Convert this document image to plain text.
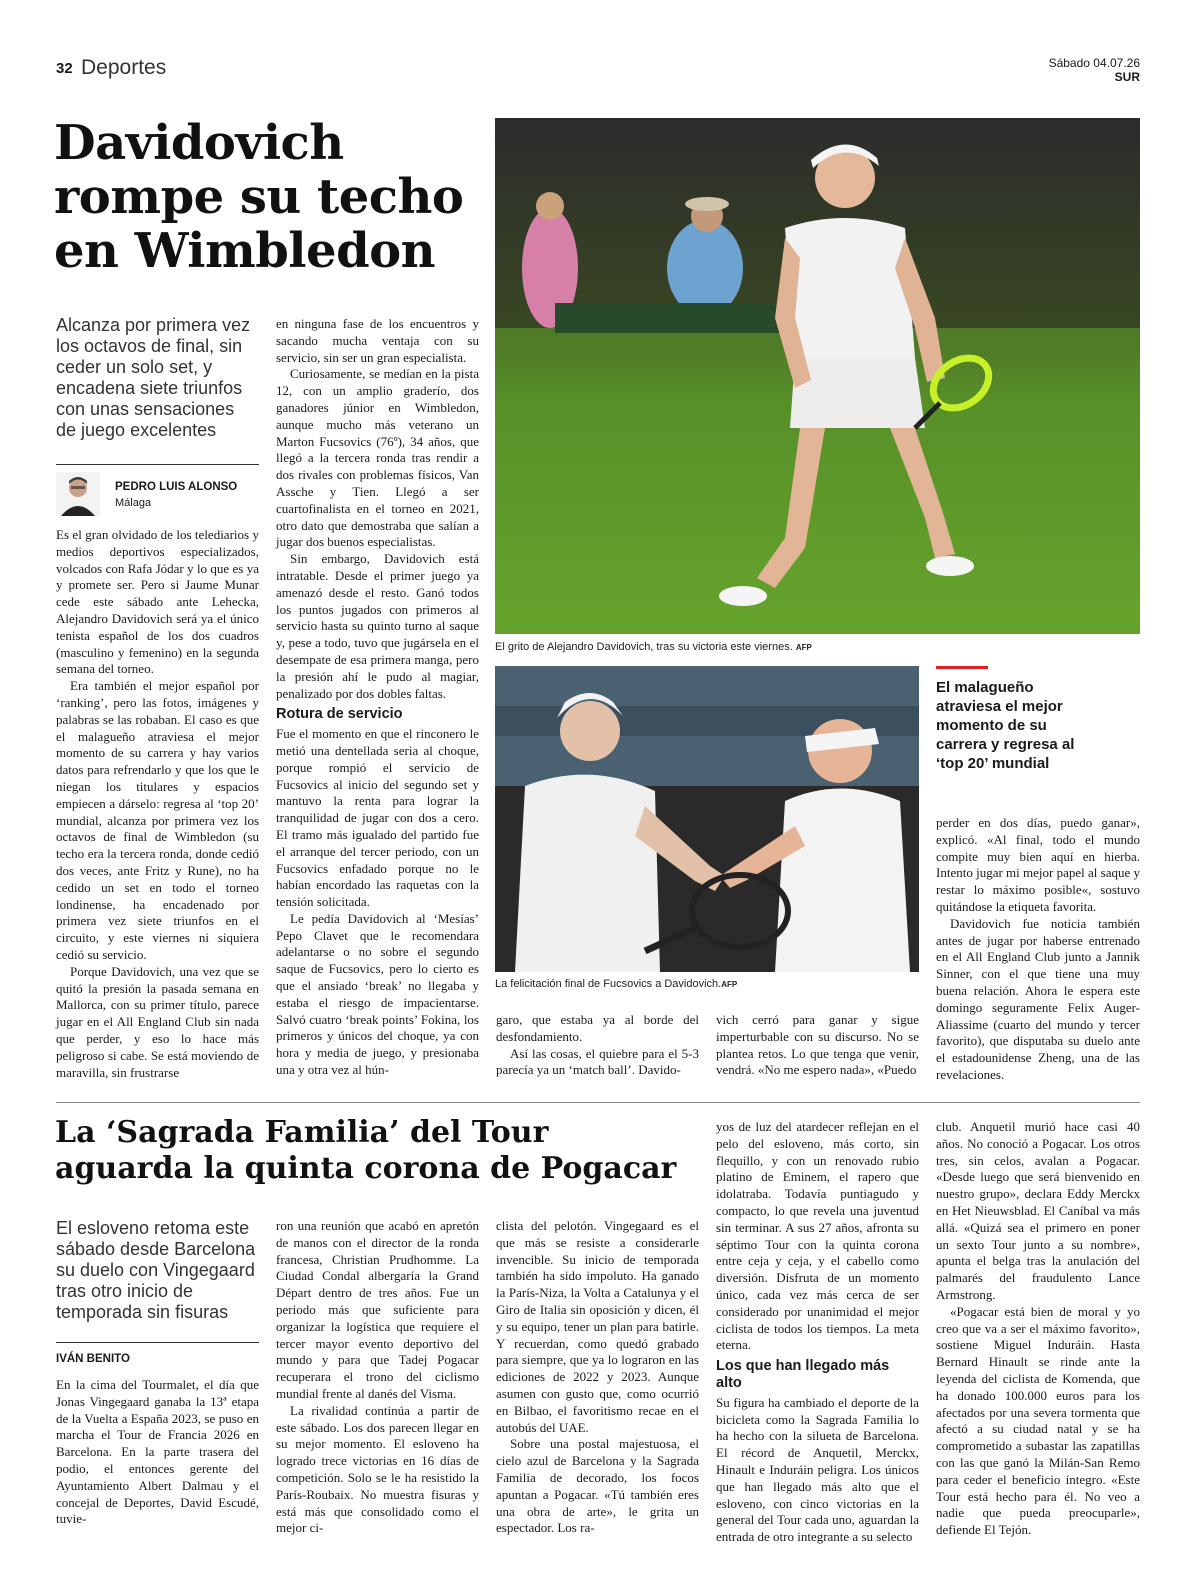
32 Deportes	Sábado 04.07.26
SUR
Davidovich
rompe su techo
en Wimbledon
El grito de Alejandro Davidovich, tras su victoria este viernes. AFP
Alcanza por primera vez los octavos de final, sin ceder un solo set, y encadena siete triunfos con unas sensaciones de juego excelentes
PEDRO LUIS ALONSO
Málaga

Es el gran olvidado de los telediarios y medios deportivos especializados, volcados con Rafa Jódar y lo que es ya y promete ser. Pero si Jaume Munar cede este sábado ante Lehecka, Alejandro Davidovich será ya el único tenista español de los dos cuadros (masculino y femenino) en la segunda semana del torneo.

Era también el mejor español por ‘ranking’, pero las fotos, imágenes y palabras se las robaban. El caso es que el malagueño atraviesa el mejor momento de su carrera y hay varios datos para refrendarlo y que los que le niegan los titulares y espacios empiecen a dárselo: regresa al ‘top 20’ mundial, alcanza por primera vez los octavos de final de Wimbledon (su techo era la tercera ronda, donde cedió dos veces, ante Fritz y Rune), no ha cedido un set en todo el torneo londinense, ha encadenado por primera vez siete triunfos en el circuito, y este viernes ni siquiera cedió su servicio.

Porque Davidovich, una vez que se quitó la presión la pasada semana en Mallorca, con su primer título, parece jugar en el All England Club sin nada que perder, y eso lo hace más peligroso si cabe. Se está moviendo de maravilla, sin frustrarse

en ninguna fase de los encuentros y sacando mucha ventaja con su servicio, sin ser un gran especialista.

Curiosamente, se medían en la pista 12, con un amplio graderío, dos ganadores júnior en Wimbledon, aunque mucho más veterano un Marton Fucsovics (76º), 34 años, que llegó a la tercera ronda tras rendir a dos rivales con problemas físicos, Van Assche y Tien. Llegó a ser cuartofinalista en el torneo en 2021, otro dato que demostraba que salían a jugar dos buenos especialistas.

Sin embargo, Davidovich está intratable. Desde el primer juego ya amenazó desde el resto. Ganó todos los puntos jugados con primeros al servicio hasta su quinto turno al saque y, pese a todo, tuvo que jugársela en el desempate de esa primera manga, pero la presión ahí le pudo al magiar, penalizado por dos dobles faltas.

Rotura de servicio

Fue el momento en que el rinconero le metió una dentellada seria al choque, porque rompió el servicio de Fucsovics al inicio del segundo set y mantuvo la renta para lograr la tranquilidad de jugar con dos a cero. El tramo más igualado del partido fue el arranque del tercer periodo, con un Fucsovics enfadado porque no le habían encordado las raquetas con la tensión solicitada.

Le pedía Davidovich al ‘Mesías’ Pepo Clavet que le recomendara adelantarse o no sobre el segundo saque de Fucsovics, pero lo cierto es que el ansiado ‘break’ no llegaba y estaba el riesgo de impacientarse. Salvó cuatro ‘break points’ Fokina, los primeros y únicos del choque, ya con hora y media de juego, y presionaba una y otra vez al hún-

La felicitación final de Fucsovics a Davidovich.AFP
El malagueño atraviesa el mejor momento de su carrera y regresa al ‘top 20’ mundial

garo, que estaba ya al borde del desfondamiento.

Así las cosas, el quiebre para el 5-3 parecía ya un ‘match ball’. Davido-

vich cerró para ganar y sigue imperturbable con su discurso. No se plantea retos. Lo que tenga que venir, vendrá. «No me espero nada», «Puedo

perder en dos días, puedo ganar», explicó. «Al final, todo el mundo compite muy bien aquí en hierba. Intento jugar mi mejor papel al saque y restar lo máximo posible«, sostuvo quitándose la etiqueta favorita.

Davidovich fue noticia también antes de jugar por haberse entrenado en el All England Club junto a Jannik Sinner, con el que tiene una muy buena relación. Ahora le espera este domingo seguramente Felix Auger-Aliassime (cuarto del mundo y tercer favorito), que disputaba su duelo ante el estadounidense Zheng, una de las revelaciones.

La ‘Sagrada Familia’ del Tour
aguarda la quinta corona de Pogacar
El esloveno retoma este sábado desde Barcelona su duelo con Vingegaard tras otro inicio de temporada sin fisuras
IVÁN BENITO

En la cima del Tourmalet, el día que Jonas Vingegaard ganaba la 13ª etapa de la Vuelta a España 2023, se puso en marcha el Tour de Francia 2026 en Barcelona. En la parte trasera del podio, el entonces gerente del Ayuntamiento Albert Dalmau y el concejal de Deportes, David Escudé, tuvie-

ron una reunión que acabó en apretón de manos con el director de la ronda francesa, Christian Prudhomme. La Ciudad Condal albergaría la Grand Départ dentro de tres años. Fue un periodo más que suficiente para organizar la logística que requiere el tercer mayor evento deportivo del mundo y para que Tadej Pogacar recuperara el trono del ciclismo mundial frente al danés del Visma.

La rivalidad continúa a partir de este sábado. Los dos parecen llegar en su mejor momento. El esloveno ha logrado trece victorias en 16 días de competición. Solo se le ha resistido la París-Roubaix. No muestra fisuras y está más que consolidado como el mejor ci-

clista del pelotón. Vingegaard es el que más se resiste a considerarle invencible. Su inicio de temporada también ha sido impoluto. Ha ganado la París-Niza, la Volta a Catalunya y el Giro de Italia sin oposición y dicen, él y su equipo, tener un plan para batirle. Y recuerdan, como quedó grabado para siempre, que ya lo lograron en las ediciones de 2022 y 2023. Aunque asumen con gusto que, como ocurrió en Bilbao, el favoritismo recae en el autobús del UAE.

Sobre una postal majestuosa, el cielo azul de Barcelona y la Sagrada Familia de decorado, los focos apuntan a Pogacar. «Tú también eres una obra de arte», le grita un espectador. Los ra-

yos de luz del atardecer reflejan en el pelo del esloveno, más corto, sin flequillo, y con un renovado rubio platino de Eminem, el rapero que idolatraba. Todavía puntiagudo y compacto, lo que revela una juventud sin terminar. A sus 27 años, afronta su séptimo Tour con la quinta corona entre ceja y ceja, y el cabello como diversión. Disfruta de un momento único, cada vez más cerca de ser considerado por unanimidad el mejor ciclista de todos los tiempos. La meta eterna.

Los que han llegado más alto

Su figura ha cambiado el deporte de la bicicleta como la Sagrada Familia lo ha hecho con la silueta de Barcelona. El récord de Anquetil, Merckx, Hinault e Induráin peligra. Los únicos que han llegado más alto que el esloveno, con cinco victorias en la general del Tour cada uno, aguardan la entrada de otro integrante a su selecto

club. Anquetil murió hace casi 40 años. No conoció a Pogacar. Los otros tres, sin celos, avalan a Pogacar. «Desde luego que será bienvenido en nuestro grupo», declara Eddy Merckx en Het Nieuwsblad. El Caníbal va más allá. «Quizá sea el primero en poner un sexto Tour junto a su nombre», apunta el belga tras la anulación del palmarés del fraudulento Lance Armstrong.

«Pogacar está bien de moral y yo creo que va a ser el máximo favorito», sostiene Miguel Induráin. Hasta Bernard Hinault se rinde ante la leyenda del ciclista de Komenda, que ha donado 100.000 euros para los afectados por una severa tormenta que afectó a su ciudad natal y se ha comprometido a subastar las zapatillas con las que ganó la Milán-San Remo para ceder el beneficio íntegro. «Este Tour está hecho para él. No veo a nadie que pueda preocuparle», defiende El Tejón.
